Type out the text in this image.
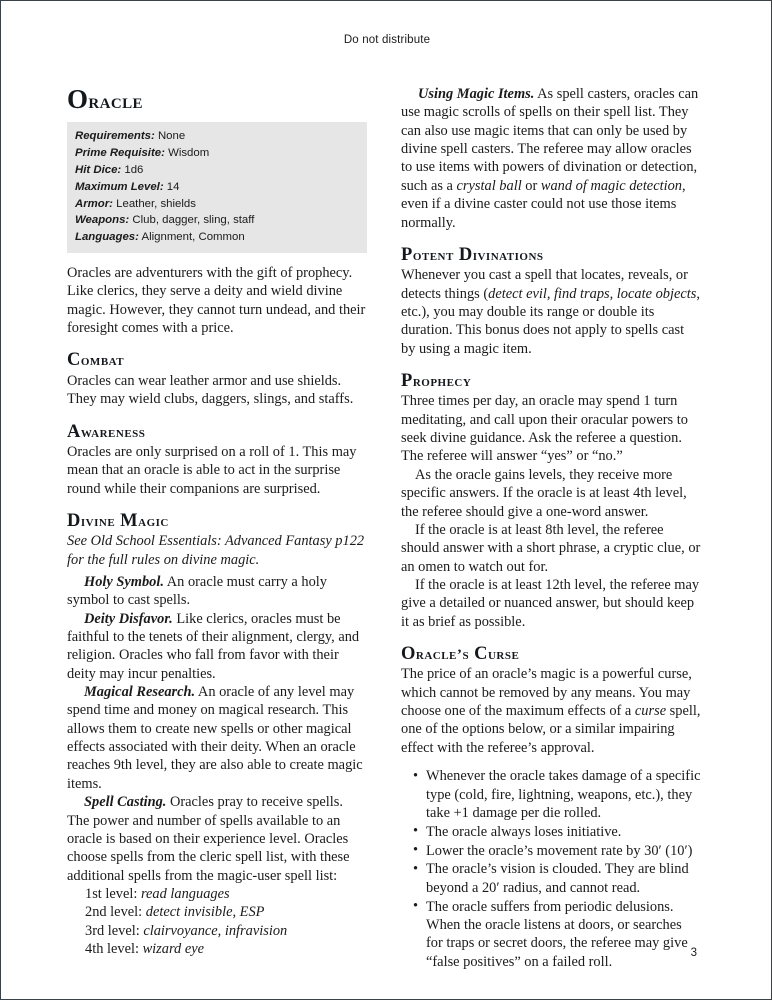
Do not distribute
Oracle
Requirements: None
Prime Requisite: Wisdom
Hit Dice: 1d6
Maximum Level: 14
Armor: Leather, shields
Weapons: Club, dagger, sling, staff
Languages: Alignment, Common

Oracles are adventurers with the gift of prophecy. Like clerics, they serve a deity and wield divine magic. However, they cannot turn undead, and their foresight comes with a price.

Combat

Oracles can wear leather armor and use shields. They may wield clubs, daggers, slings, and staffs.

Awareness

Oracles are only surprised on a roll of 1. This may mean that an oracle is able to act in the surprise round while their companions are surprised.

Divine Magic

See Old School Essentials: Advanced Fantasy p122 for the full rules on divine magic.

Holy Symbol. An oracle must carry a holy symbol to cast spells.

Deity Disfavor. Like clerics, oracles must be faithful to the tenets of their alignment, clergy, and religion. Oracles who fall from favor with their deity may incur penalties.

Magical Research. An oracle of any level may spend time and money on magical research. This allows them to create new spells or other magical effects associated with their deity. When an oracle reaches 9th level, they are also able to create magic items.

Spell Casting. Oracles pray to receive spells. The power and number of spells available to an oracle is based on their experience level. Oracles choose spells from the cleric spell list, with these additional spells from the magic-user spell list:

1st level: read languages
2nd level: detect invisible, ESP
3rd level: clairvoyance, infravision
4th level: wizard eye

Using Magic Items. As spell casters, oracles can use magic scrolls of spells on their spell list. They can also use magic items that can only be used by divine spell casters. The referee may allow oracles to use items with powers of divination or detection, such as a crystal ball or wand of magic detection, even if a divine caster could not use those items normally.

Potent Divinations

Whenever you cast a spell that locates, reveals, or detects things (detect evil, find traps, locate objects, etc.), you may double its range or double its duration. This bonus does not apply to spells cast by using a magic item.

Prophecy

Three times per day, an oracle may spend 1 turn meditating, and call upon their oracular powers to seek divine guidance. Ask the referee a question. The referee will answer “yes” or “no.”

As the oracle gains levels, they receive more specific answers. If the oracle is at least 4th level, the referee should give a one-word answer.

If the oracle is at least 8th level, the referee should answer with a short phrase, a cryptic clue, or an omen to watch out for.

If the oracle is at least 12th level, the referee may give a detailed or nuanced answer, but should keep it as brief as possible.

Oracle’s Curse

The price of an oracle’s magic is a powerful curse, which cannot be removed by any means. You may choose one of the maximum effects of a curse spell, one of the options below, or a similar impairing effect with the referee’s approval.

• Whenever the oracle takes damage of a specific type (cold, fire, lightning, weapons, etc.), they take +1 damage per die rolled.
• The oracle always loses initiative.
• Lower the oracle’s movement rate by 30′ (10′)
• The oracle’s vision is clouded. They are blind beyond a 20′ radius, and cannot read.
• The oracle suffers from periodic delusions. When the oracle listens at doors, or searches for traps or secret doors, the referee may give “false positives” on a failed roll.
3
